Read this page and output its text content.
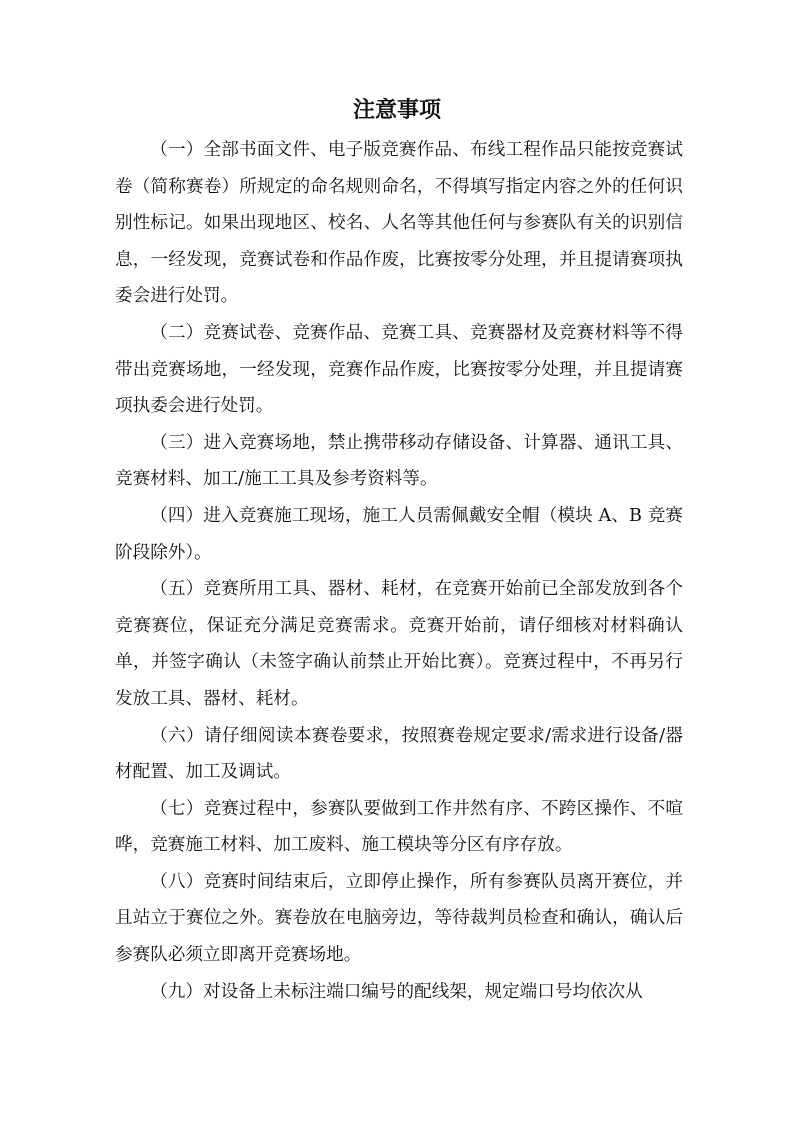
注意事项

（一）全部书面文件、电子版竞赛作品、布线工程作品只能按竞赛试卷（简称赛卷）所规定的命名规则命名，不得填写指定内容之外的任何识别性标记。如果出现地区、校名、人名等其他任何与参赛队有关的识别信息，一经发现，竞赛试卷和作品作废，比赛按零分处理，并且提请赛项执委会进行处罚。

（二）竞赛试卷、竞赛作品、竞赛工具、竞赛器材及竞赛材料等不得带出竞赛场地，一经发现，竞赛作品作废，比赛按零分处理，并且提请赛项执委会进行处罚。

（三）进入竞赛场地，禁止携带移动存储设备、计算器、通讯工具、竞赛材料、加工/施工工具及参考资料等。

（四）进入竞赛施工现场，施工人员需佩戴安全帽（模块 A、B 竞赛阶段除外）。

（五）竞赛所用工具、器材、耗材，在竞赛开始前已全部发放到各个竞赛赛位，保证充分满足竞赛需求。竞赛开始前，请仔细核对材料确认单，并签字确认（未签字确认前禁止开始比赛）。竞赛过程中，不再另行发放工具、器材、耗材。

（六）请仔细阅读本赛卷要求，按照赛卷规定要求/需求进行设备/器材配置、加工及调试。

（七）竞赛过程中，参赛队要做到工作井然有序、不跨区操作、不喧哗，竞赛施工材料、加工废料、施工模块等分区有序存放。

（八）竞赛时间结束后，立即停止操作，所有参赛队员离开赛位，并且站立于赛位之外。赛卷放在电脑旁边，等待裁判员检查和确认，确认后参赛队必须立即离开竞赛场地。

（九）对设备上未标注端口编号的配线架，规定端口号均依次从
